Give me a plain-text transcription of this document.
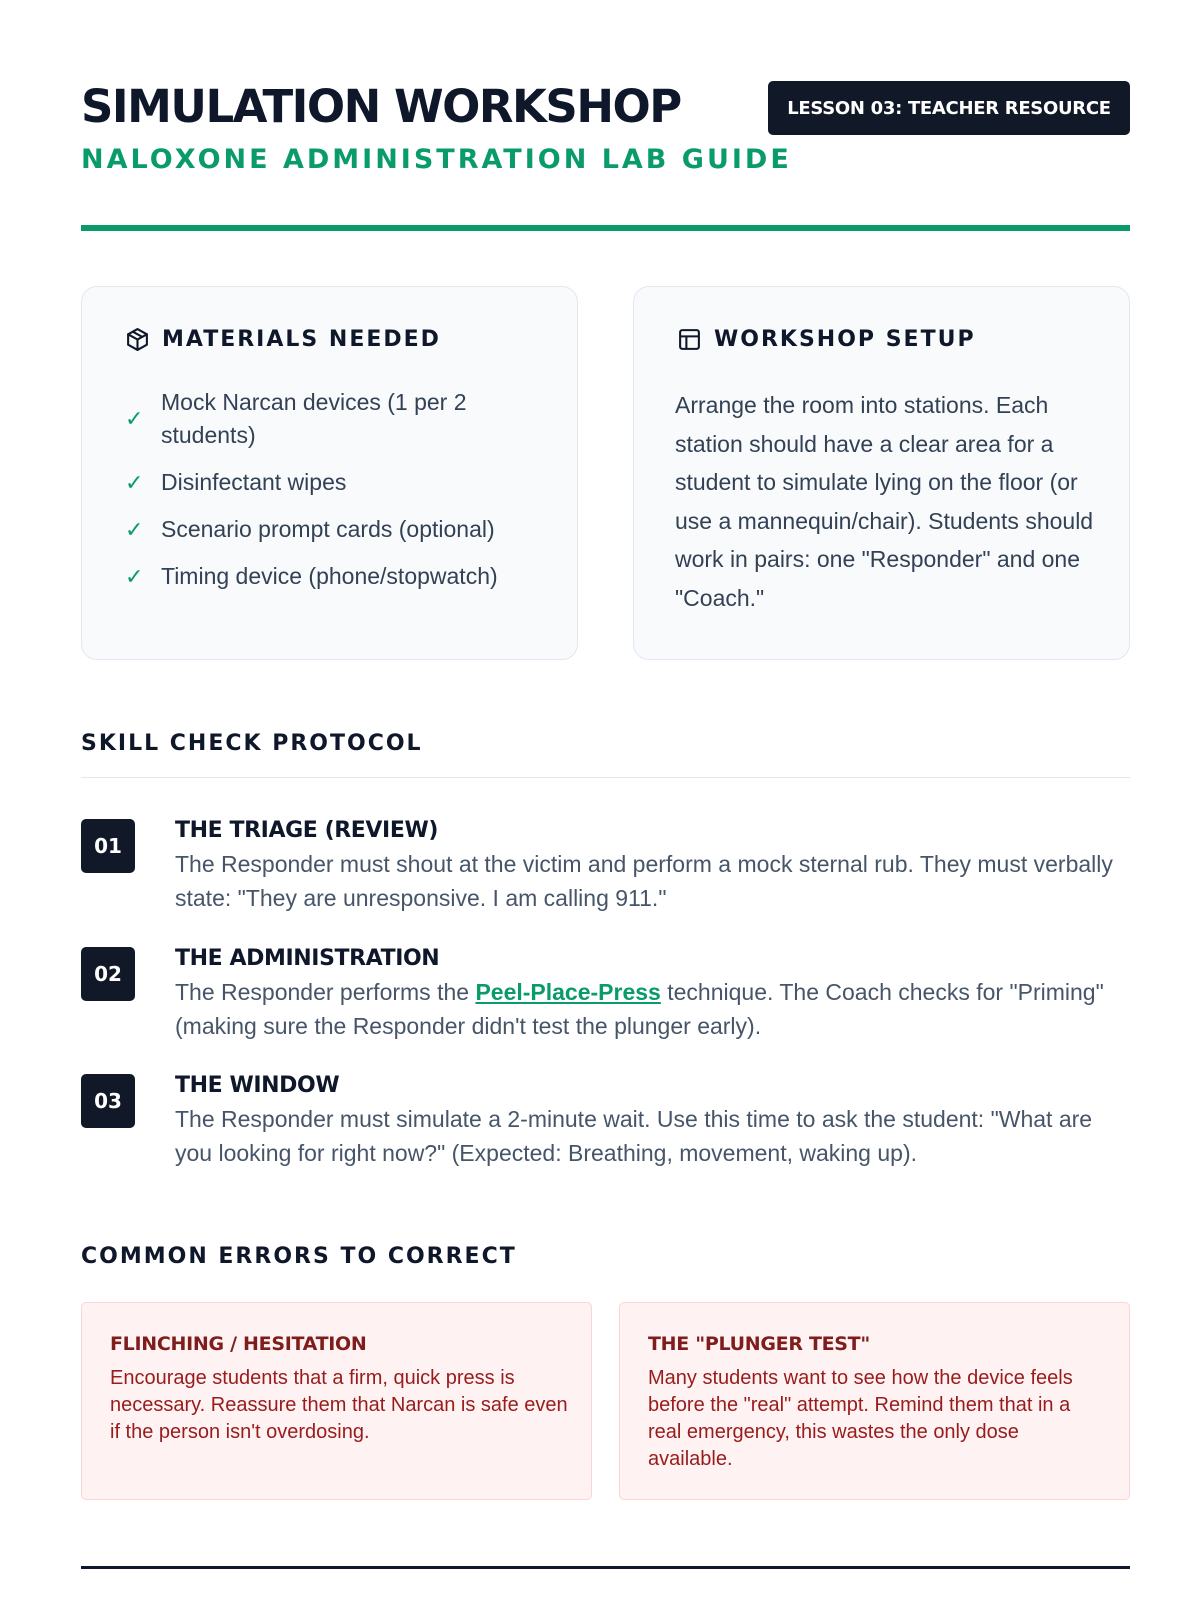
SIMULATION WORKSHOP
NALOXONE ADMINISTRATION LAB GUIDE
LESSON 03: TEACHER RESOURCE
MATERIALS NEEDED
✓
Mock Narcan devices (1 per 2 students)
✓ Disinfectant wipes
✓ Scenario prompt cards (optional)
✓ Timing device (phone/stopwatch)
WORKSHOP SETUP
Arrange the room into stations. Each station should have a clear area for a student to simulate lying on the floor (or use a mannequin/chair). Students should work in pairs: one "Responder" and one "Coach."
SKILL CHECK PROTOCOL
01
THE TRIAGE (REVIEW)
The Responder must shout at the victim and perform a mock sternal rub. They must verbally state: "They are unresponsive. I am calling 911."
02
THE ADMINISTRATION
The Responder performs the Peel-Place-Press technique. The Coach checks for "Priming" (making sure the Responder didn't test the plunger early).
03
THE WINDOW
The Responder must simulate a 2-minute wait. Use this time to ask the student: "What are you looking for right now?" (Expected: Breathing, movement, waking up).
COMMON ERRORS TO CORRECT
FLINCHING / HESITATION
Encourage students that a firm, quick press is necessary. Reassure them that Narcan is safe even if the person isn't overdosing.
THE "PLUNGER TEST"
Many students want to see how the device feels before the "real" attempt. Remind them that in a real emergency, this wastes the only dose available.
